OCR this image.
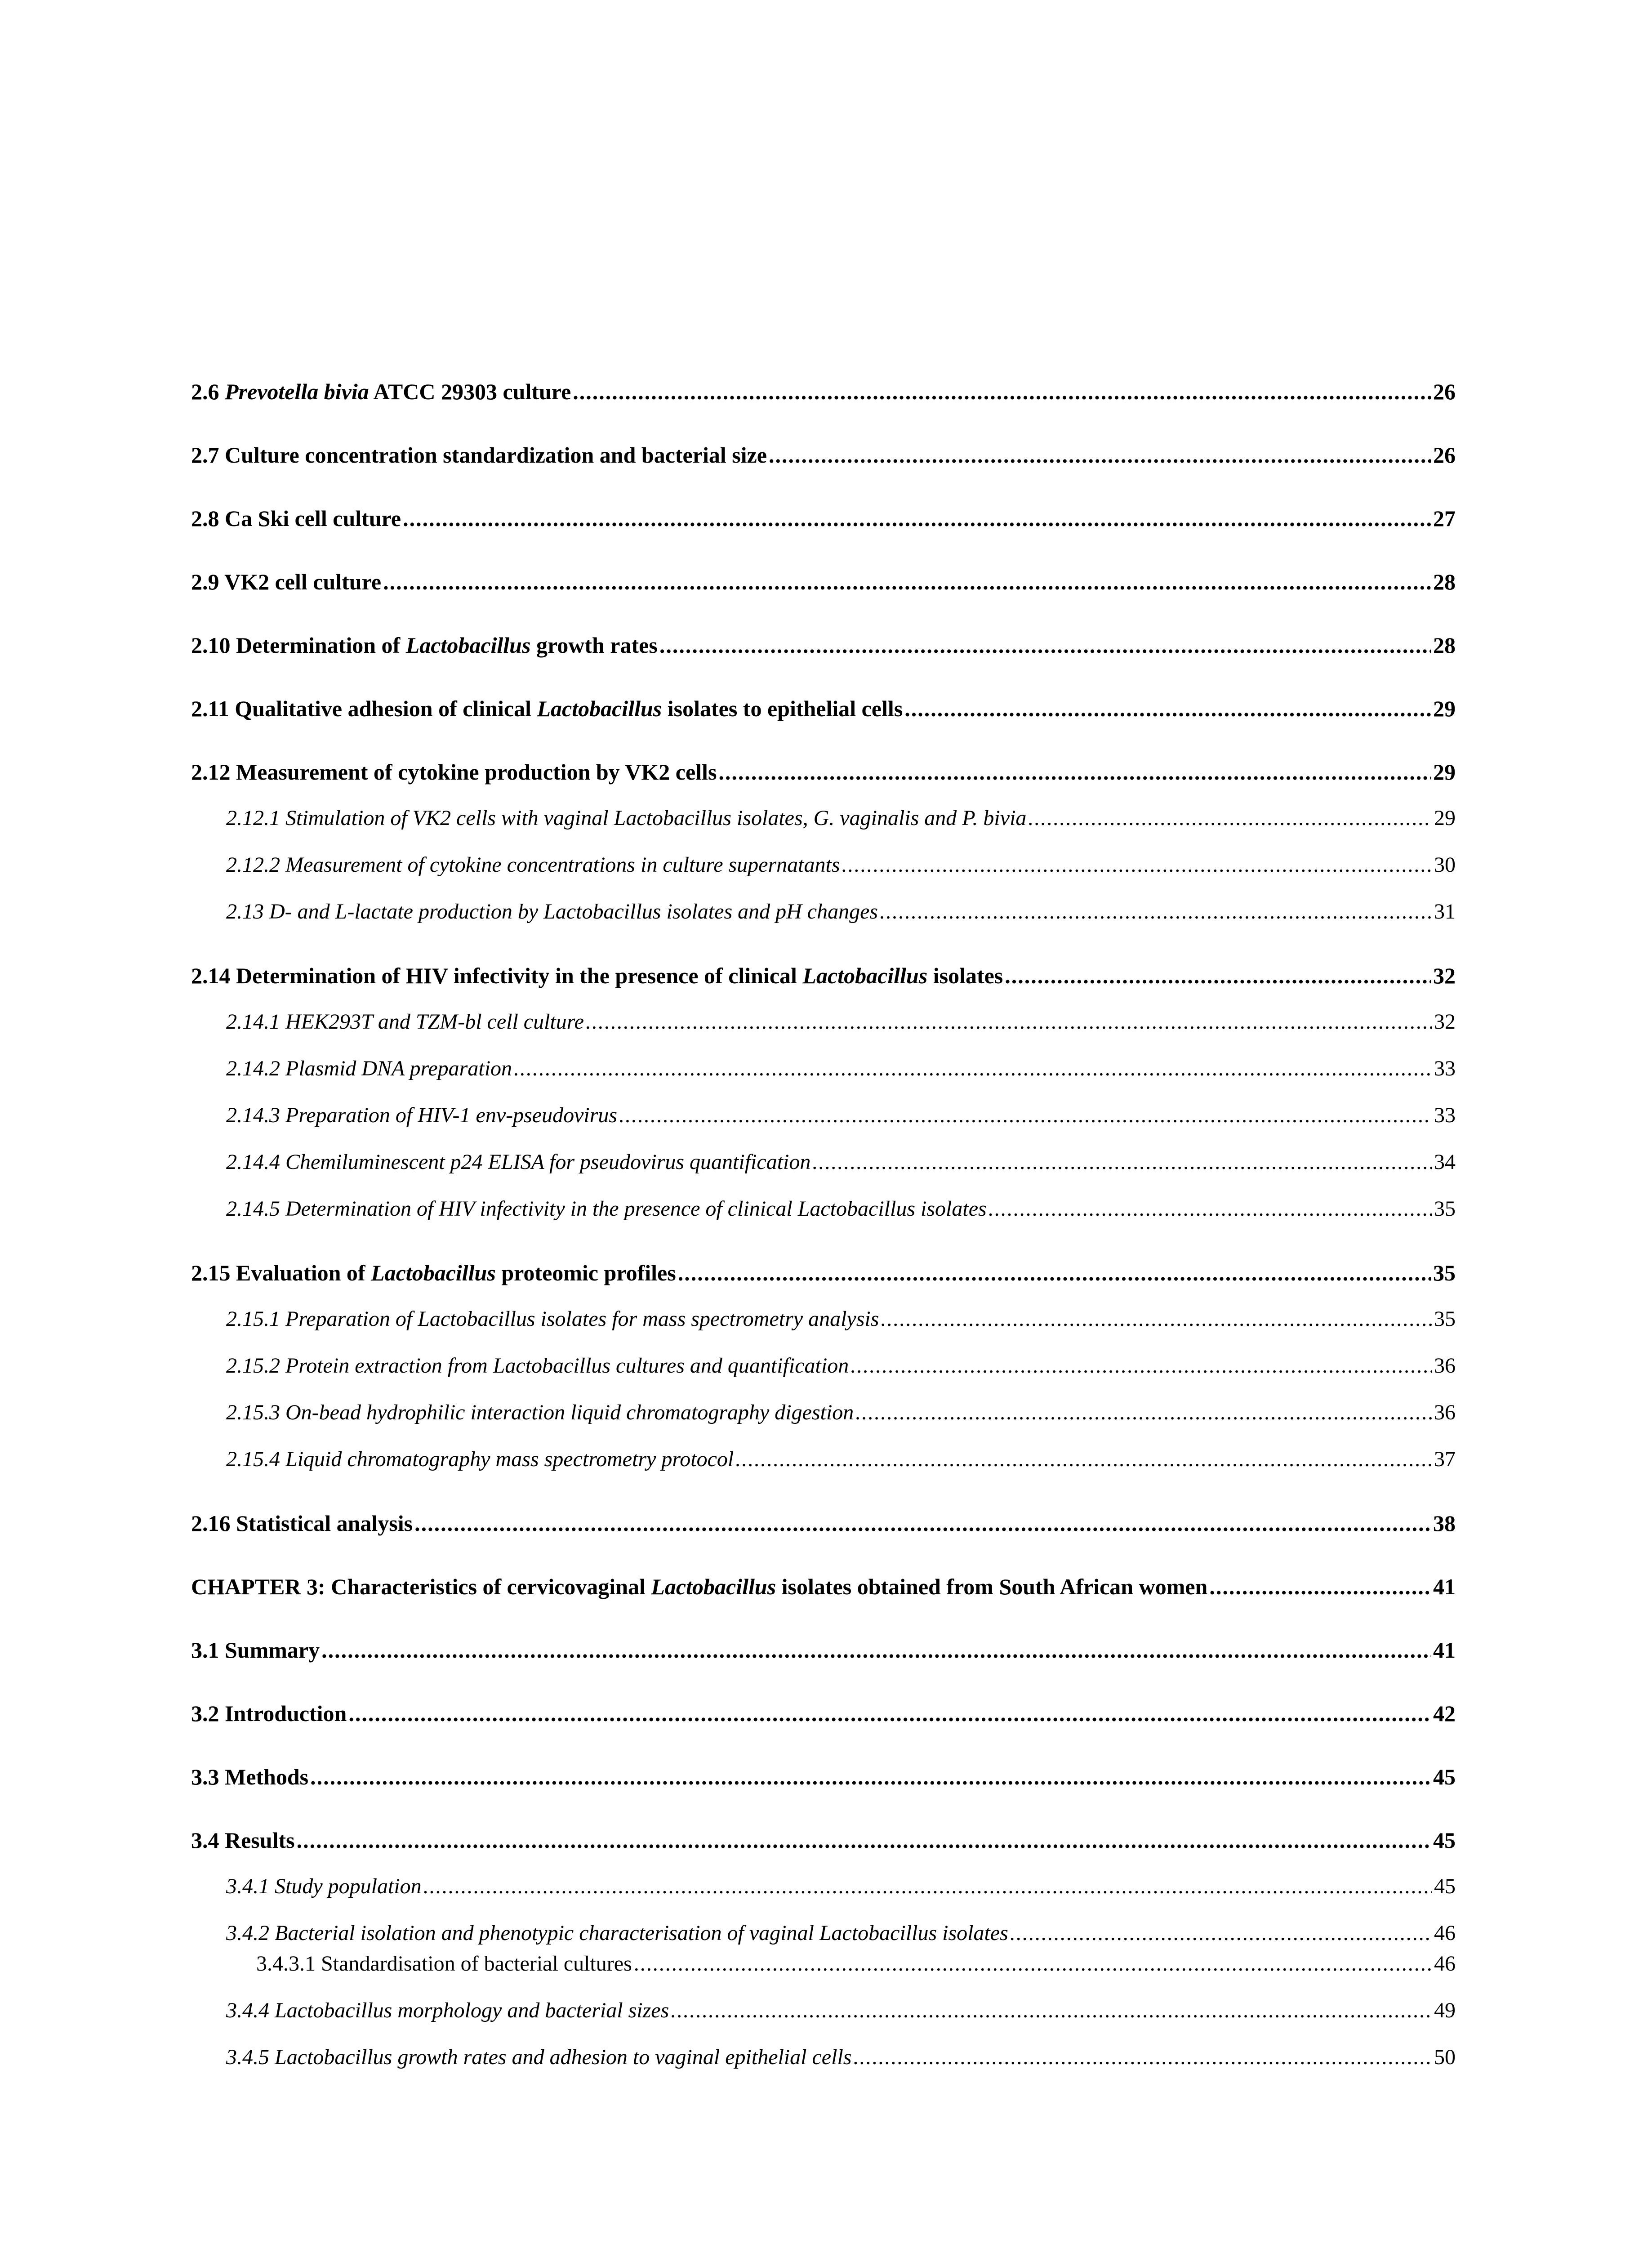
2.6 Prevotella bivia ATCC 29303 culture .....	26
2.7 Culture concentration standardization and bacterial size .....	26
2.8 Ca Ski cell culture .....	27
2.9 VK2 cell culture .....	28
2.10 Determination of Lactobacillus growth rates .....	28
2.11 Qualitative adhesion of clinical Lactobacillus isolates to epithelial cells .....	29
2.12 Measurement of cytokine production by VK2 cells .....	29
2.12.1 Stimulation of VK2 cells with vaginal Lactobacillus isolates, G. vaginalis and P. bivia .....	29
2.12.2 Measurement of cytokine concentrations in culture supernatants .....	30
2.13 D- and L-lactate production by Lactobacillus isolates and pH changes .....	31
2.14 Determination of HIV infectivity in the presence of clinical Lactobacillus isolates .....	32
2.14.1 HEK293T and TZM-bl cell culture .....	32
2.14.2 Plasmid DNA preparation .....	33
2.14.3 Preparation of HIV-1 env-pseudovirus .....	33
2.14.4 Chemiluminescent p24 ELISA for pseudovirus quantification .....	34
2.14.5 Determination of HIV infectivity in the presence of clinical Lactobacillus isolates .....	35
2.15 Evaluation of Lactobacillus proteomic profiles .....	35
2.15.1 Preparation of Lactobacillus isolates for mass spectrometry analysis .....	35
2.15.2 Protein extraction from Lactobacillus cultures and quantification .....	36
2.15.3 On-bead hydrophilic interaction liquid chromatography digestion .....	36
2.15.4 Liquid chromatography mass spectrometry protocol .....	37
2.16 Statistical analysis .....	38
CHAPTER 3: Characteristics of cervicovaginal Lactobacillus isolates obtained from South African women .....	41
3.1 Summary .....	41
3.2 Introduction .....	42
3.3 Methods .....	45
3.4 Results .....	45
3.4.1 Study population .....	45
3.4.2 Bacterial isolation and phenotypic characterisation of vaginal Lactobacillus isolates .....	46
3.4.3.1 Standardisation of bacterial cultures .....	46
3.4.4 Lactobacillus morphology and bacterial sizes .....	49
3.4.5 Lactobacillus growth rates and adhesion to vaginal epithelial cells .....	50
